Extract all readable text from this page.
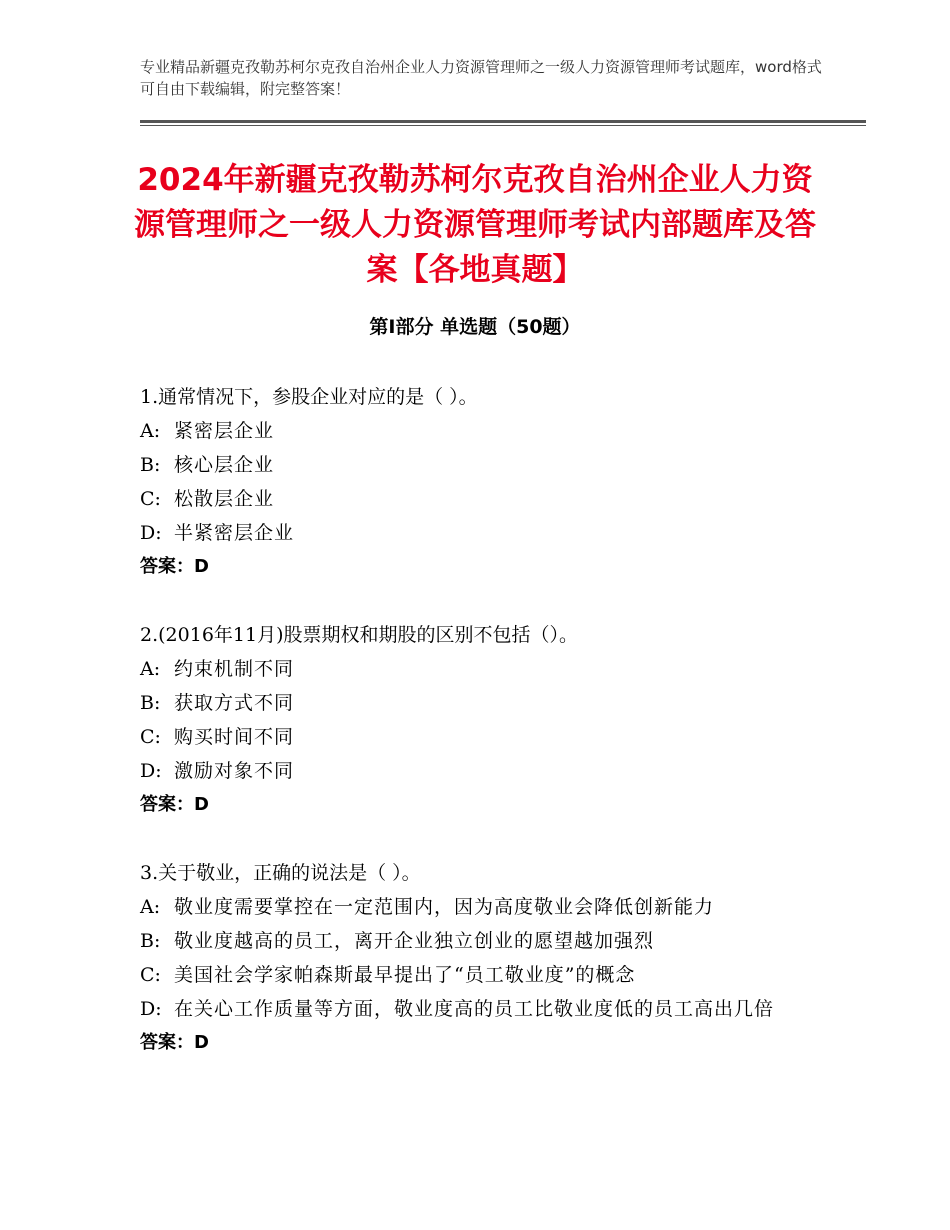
专业精品新疆克孜勒苏柯尔克孜自治州企业人力资源管理师之一级人力资源管理师考试题库，word格式可自由下载编辑，附完整答案！

2024年新疆克孜勒苏柯尔克孜自治州企业人力资源管理师之一级人力资源管理师考试内部题库及答案【各地真题】
第Ⅰ部分 单选题（50题）

1. 通常情况下，参股企业对应的是（ ）。

A: 紧密层企业

B: 核心层企业

C: 松散层企业

D: 半紧密层企业

答案：D

2. (2016年11月)股票期权和期股的区别不包括（）。

A: 约束机制不同

B: 获取方式不同

C: 购买时间不同

D: 激励对象不同

答案：D

3. 关于敬业，正确的说法是（ ）。

A: 敬业度需要掌控在一定范围内，因为高度敬业会降低创新能力

B: 敬业度越高的员工，离开企业独立创业的愿望越加强烈

C: 美国社会学家帕森斯最早提出了“员工敬业度”的概念

D: 在关心工作质量等方面，敬业度高的员工比敬业度低的员工高出几倍

答案：D
